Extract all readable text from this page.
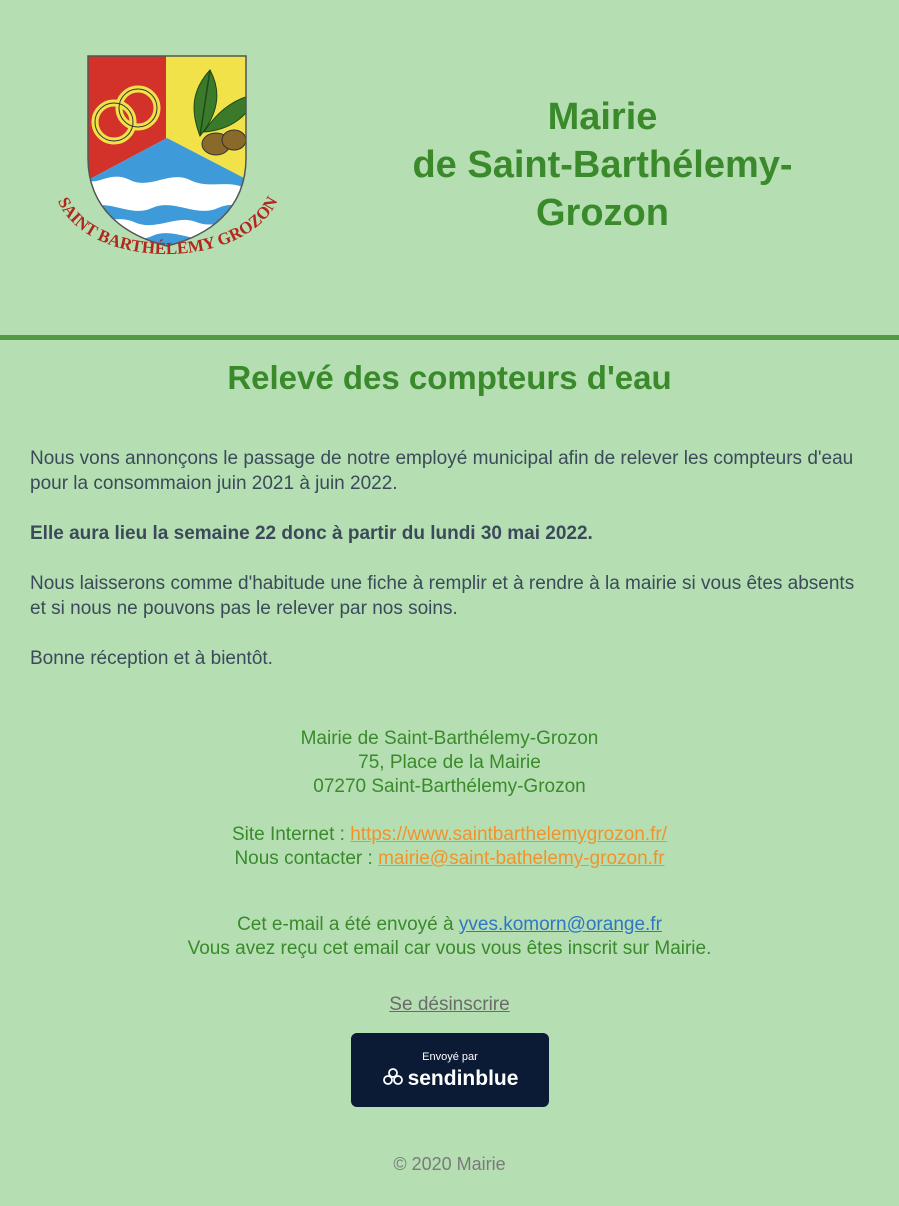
SAINT BARTHÉLEMY GROZON
Mairie
de Saint-Barthélemy-
Grozon
Relevé des compteurs d'eau

Nous vons annonçons le passage de notre employé municipal afin de relever les compteurs d'eau pour la consommaion juin 2021 à juin 2022.

Elle aura lieu la semaine 22 donc à partir du lundi 30 mai 2022.

Nous laisserons comme d'habitude une fiche à remplir et à rendre à la mairie si vous êtes absents et si nous ne pouvons pas le relever par nos soins.

Bonne réception et à bientôt.

Mairie de Saint-Barthélemy-Grozon
75, Place de la Mairie
07270 Saint-Barthélemy-Grozon
Site Internet : https://www.saintbarthelemygrozon.fr/
Nous contacter : mairie@saint-bathelemy-grozon.fr
Cet e-mail a été envoyé à yves.komorn@orange.fr
Vous avez reçu cet email car vous vous êtes inscrit sur Mairie.
Se désinscrire
Envoyé par
sendinblue
© 2020 Mairie
